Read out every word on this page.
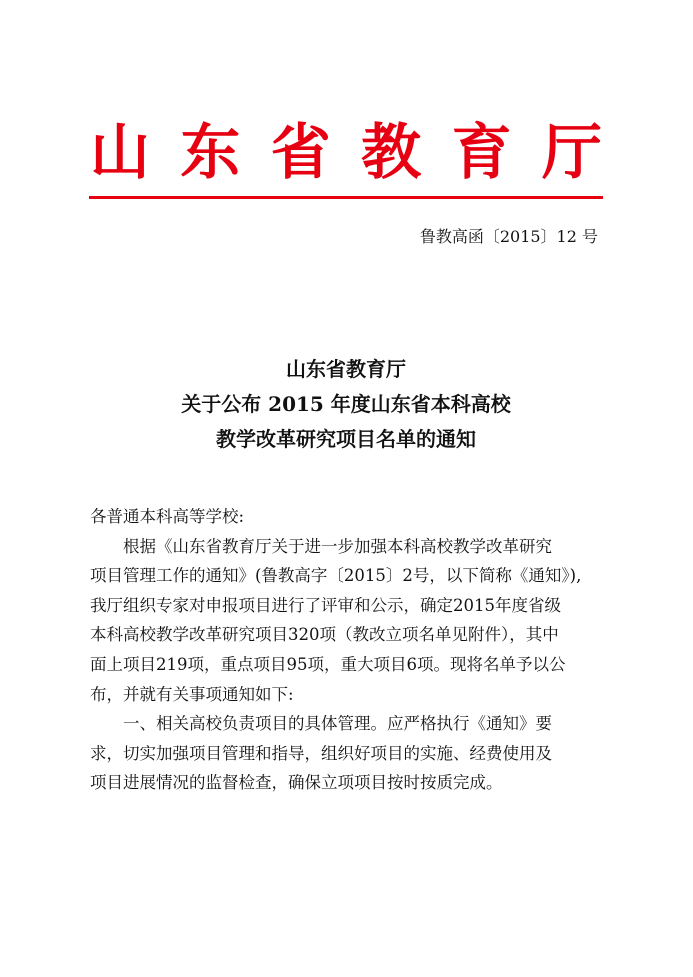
山 东 省 教 育 厅
鲁教高函〔2015〕12 号
山东省教育厅
关于公布 2015 年度山东省本科高校
教学改革研究项目名单的通知

各普通本科高等学校:

根据《山东省教育厅关于进一步加强本科高校教学改革研究

项目管理工作的通知》(鲁教高字〔2015〕2号，以下简称《通知》),

我厅组织专家对申报项目进行了评审和公示，确定2015年度省级

本科高校教学改革研究项目320项（教改立项名单见附件），其中

面上项目219项，重点项目95项，重大项目6项。现将名单予以公

布，并就有关事项通知如下:

一、相关高校负责项目的具体管理。应严格执行《通知》要

求，切实加强项目管理和指导，组织好项目的实施、经费使用及

项目进展情况的监督检查，确保立项项目按时按质完成。
